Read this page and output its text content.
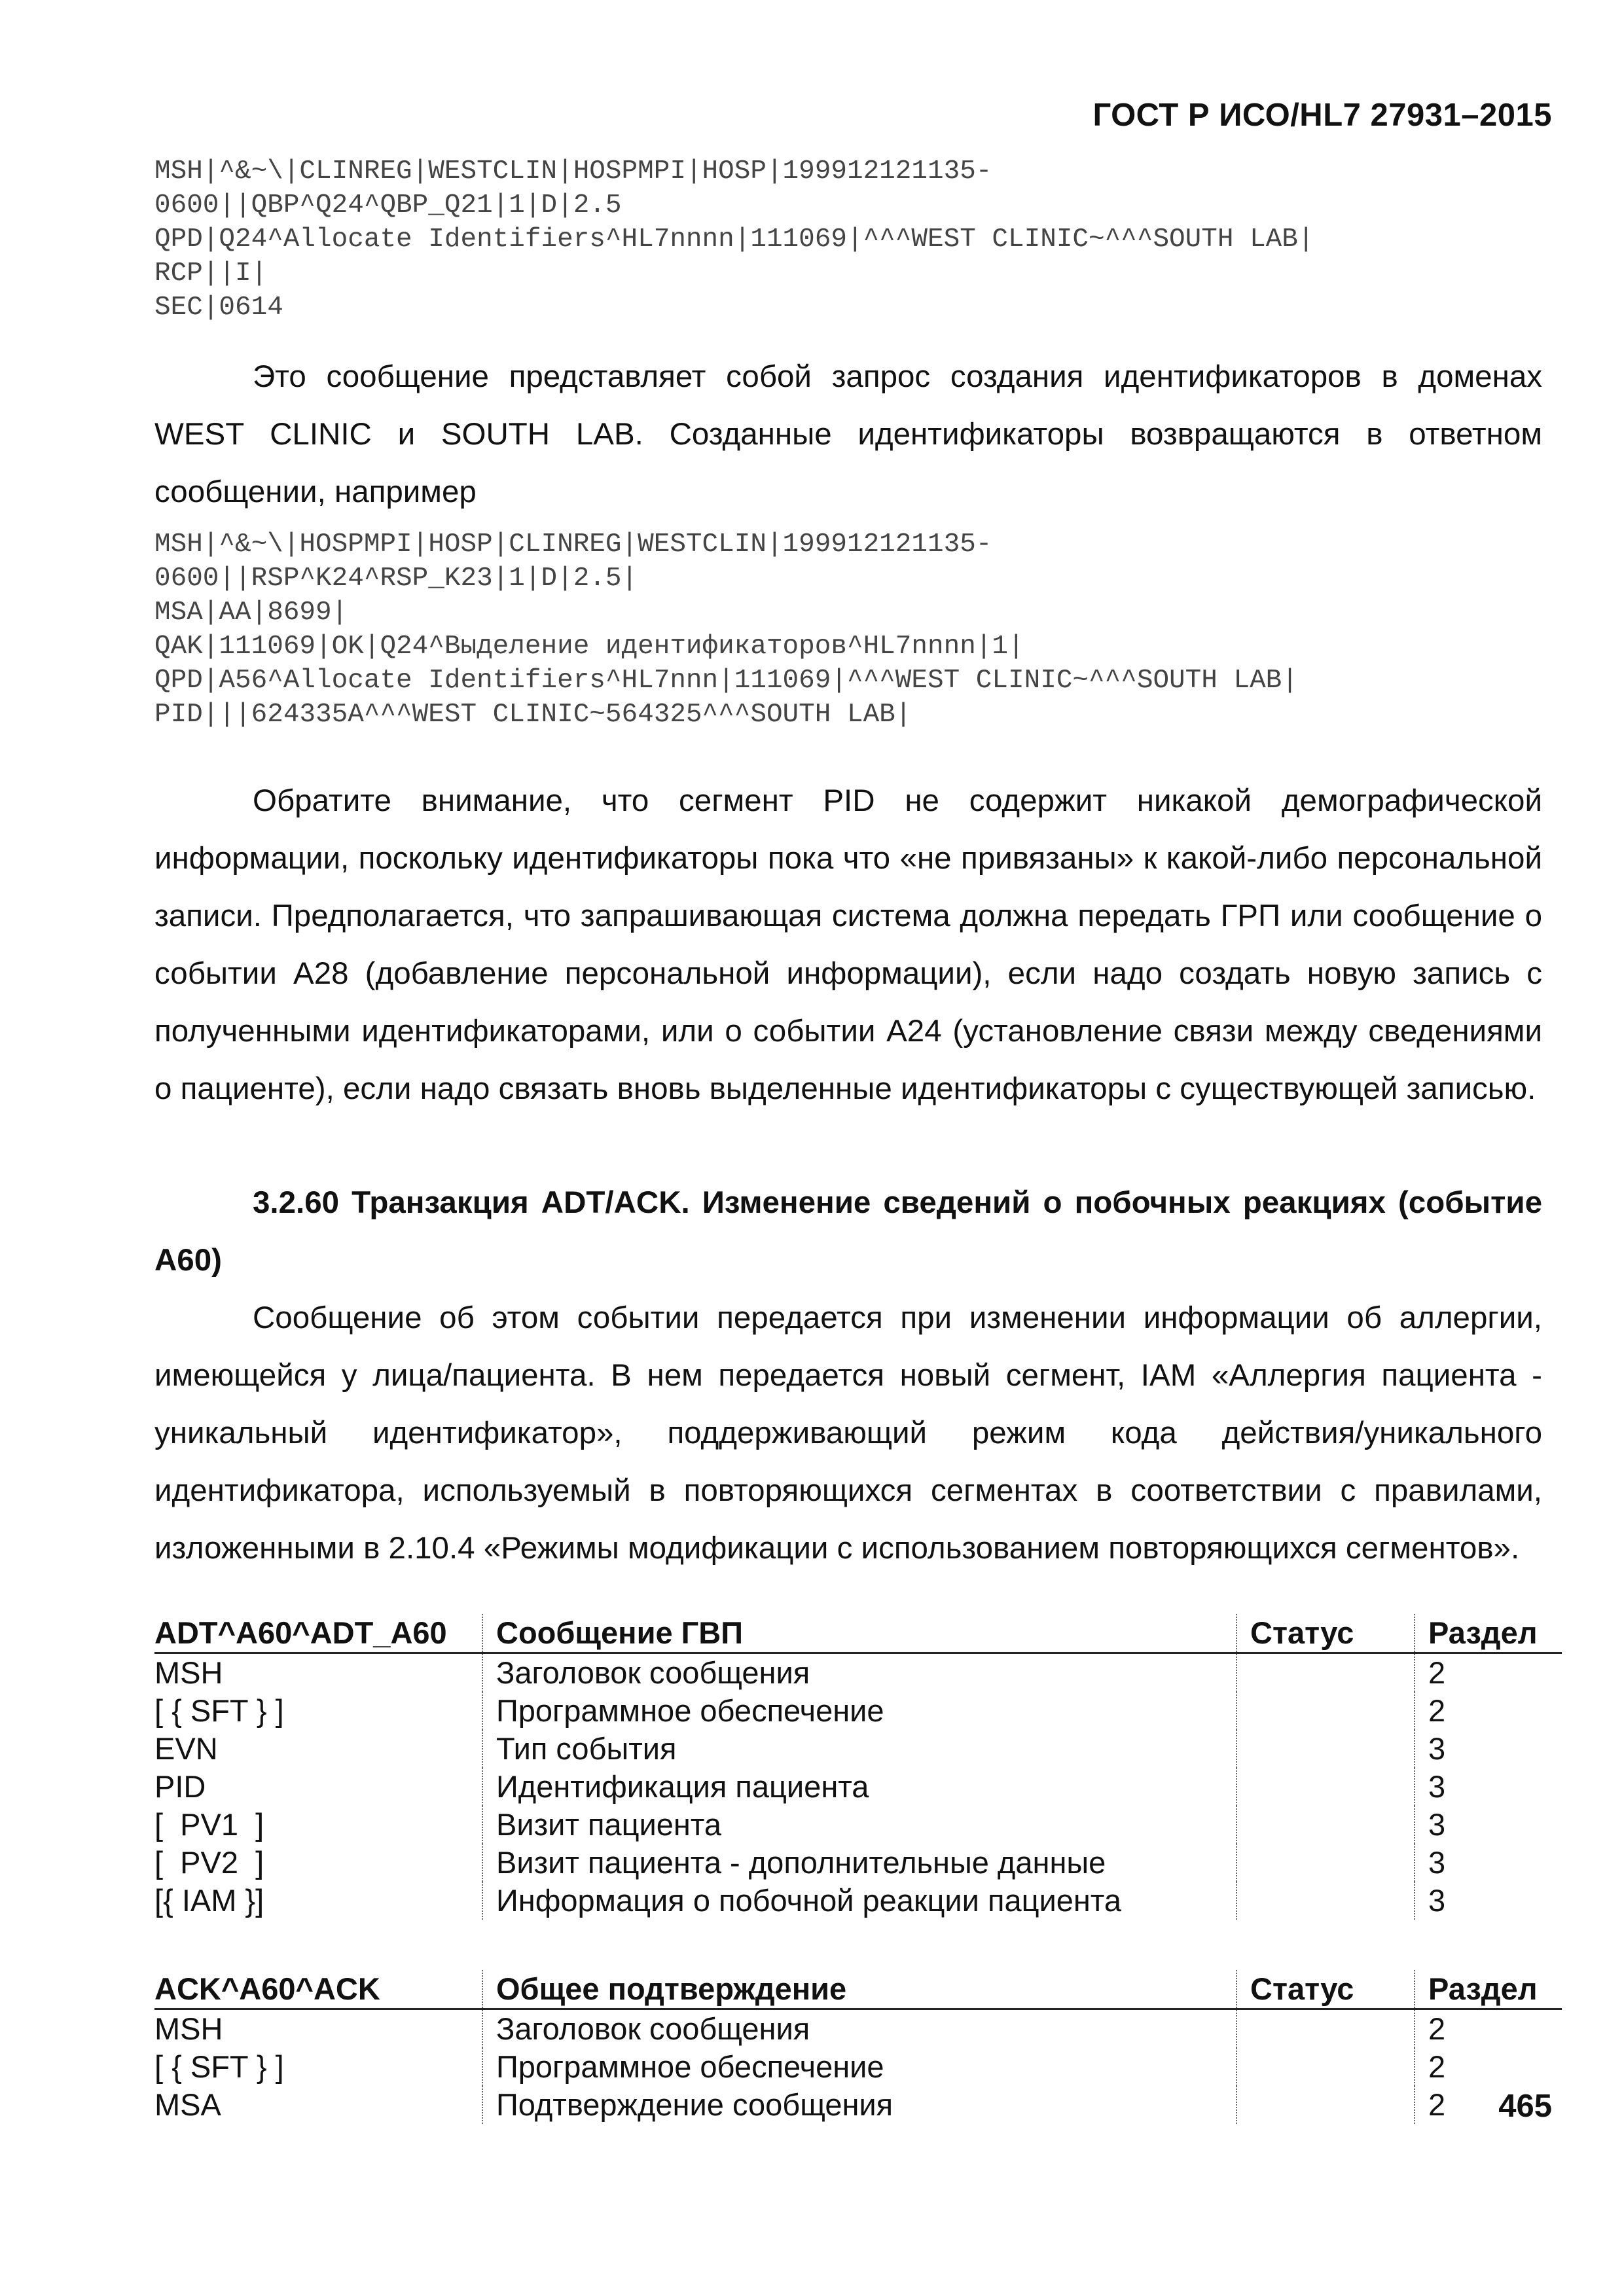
ГОСТ Р ИСО/HL7 27931–2015
MSH|^&~\|CLINREG|WESTCLIN|HOSPMPI|HOSP|199912121135-
0600||QBP^Q24^QBP_Q21|1|D|2.5
QPD|Q24^Allocate Identifiers^HL7nnnn|111069|^^^WEST CLINIC~^^^SOUTH LAB|
RCP||I|
SEC|0614

Это сообщение представляет собой запрос создания идентификаторов в доменах WEST CLINIC и SOUTH LAB. Созданные идентификаторы возвращаются в ответном сообщении, например

MSH|^&~\|HOSPMPI|HOSP|CLINREG|WESTCLIN|199912121135-
0600||RSP^K24^RSP_K23|1|D|2.5|
MSA|AA|8699|
QAK|111069|OK|Q24^Выделение идентификаторов^HL7nnnn|1|
QPD|A56^Allocate Identifiers^HL7nnn|111069|^^^WEST CLINIC~^^^SOUTH LAB|
PID|||624335A^^^WEST CLINIC~564325^^^SOUTH LAB|

Обратите внимание, что сегмент PID не содержит никакой демографической информации, поскольку идентификаторы пока что «не привязаны» к какой-либо персональной записи. Предполагается, что запрашивающая система должна передать ГРП или сообщение о событии А28 (добавление персональной информации), если надо создать новую запись с полученными идентификаторами, или о событии А24 (установление связи между сведениями о пациенте), если надо связать вновь выделенные идентификаторы с существующей записью.

3.2.60 Транзакция ADT/ACK. Изменение сведений о побочных реакциях (событие А60)

Сообщение об этом событии передается при изменении информации об аллергии, имеющейся у лица/пациента. В нем передается новый сегмент, IAM «Аллергия пациента - уникальный идентификатор», поддерживающий режим кода действия/уникального идентификатора, используемый в повторяющихся сегментах в соответствии с правилами, изложенными в 2.10.4 «Режимы модификации с использованием повторяющихся сегментов».

ADT^A60^ADT_A60	Сообщение ГВП	Статус	Раздел
MSH	Заголовок сообщения		2
[ { SFT } ]	Программное обеспечение		2
EVN	Тип события		3
PID	Идентификация пациента		3
[  PV1  ]	Визит пациента		3
[  PV2  ]	Визит пациента - дополнительные данные		3
[{ IAM }]	Информация о побочной реакции пациента		3
ACK^A60^ACK	Общее подтверждение	Статус	Раздел
MSH	Заголовок сообщения		2
[ { SFT } ]	Программное обеспечение		2
MSA	Подтверждение сообщения		2 465
